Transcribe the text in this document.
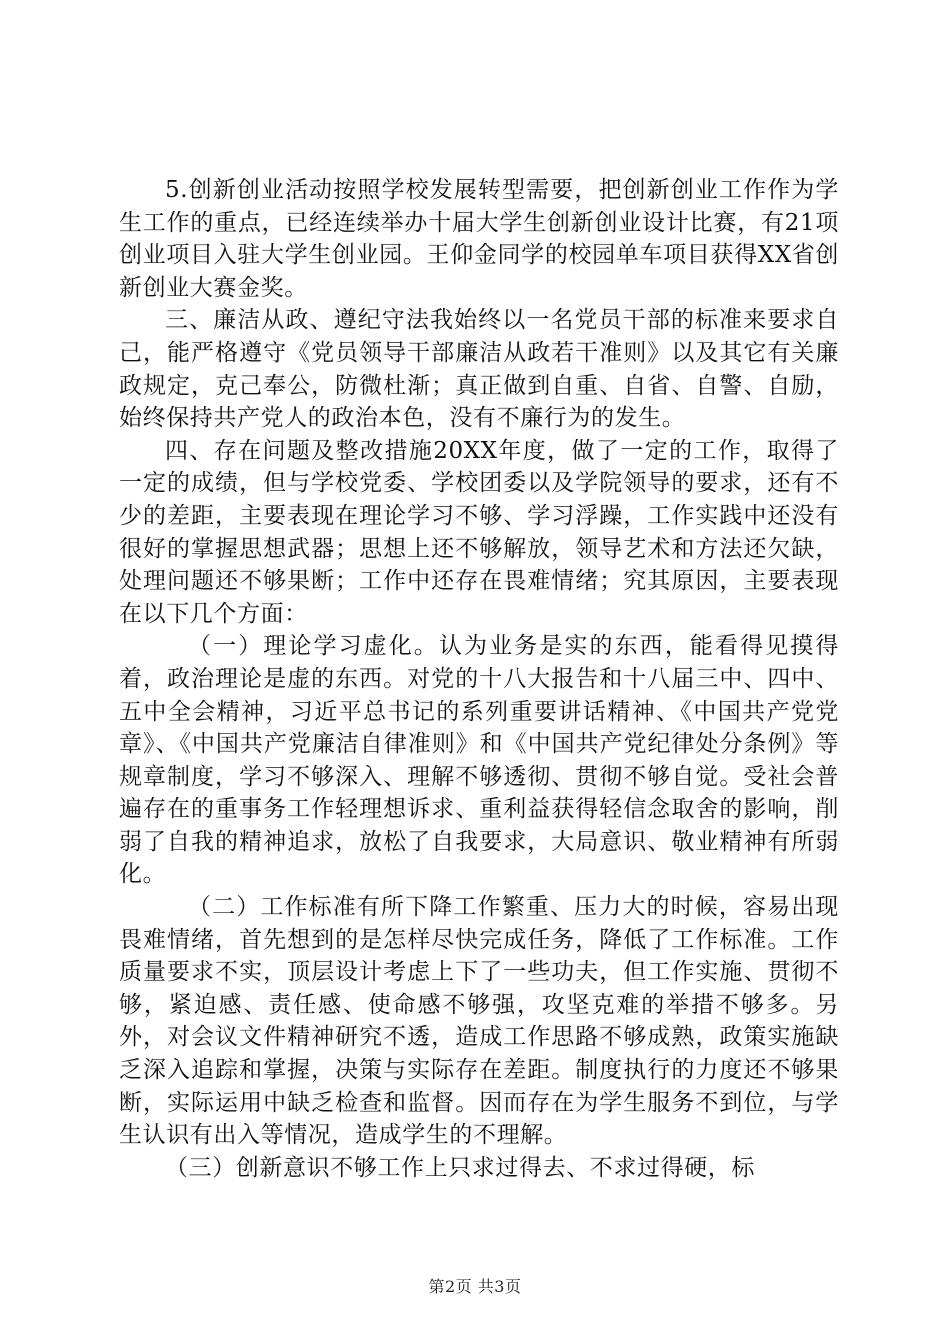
5.创新创业活动按照学校发展转型需要，把创新创业工作作为学生工作的重点，已经连续举办十届大学生创新创业设计比赛，有21项创业项目入驻大学生创业园。王仰金同学的校园单车项目获得XX省创新创业大赛金奖。

三、廉洁从政、遵纪守法我始终以一名党员干部的标准来要求自己，能严格遵守《党员领导干部廉洁从政若干准则》以及其它有关廉政规定，克己奉公，防微杜渐；真正做到自重、自省、自警、自励，始终保持共产党人的政治本色，没有不廉行为的发生。

四、存在问题及整改措施20XX年度，做了一定的工作，取得了一定的成绩，但与学校党委、学校团委以及学院领导的要求，还有不少的差距，主要表现在理论学习不够、学习浮躁，工作实践中还没有很好的掌握思想武器；思想上还不够解放，领导艺术和方法还欠缺，处理问题还不够果断；工作中还存在畏难情绪；究其原因，主要表现在以下几个方面：

（一）理论学习虚化。认为业务是实的东西，能看得见摸得着，政治理论是虚的东西。对党的十八大报告和十八届三中、四中、五中全会精神，习近平总书记的系列重要讲话精神、《中国共产党党章》、《中国共产党廉洁自律准则》和《中国共产党纪律处分条例》等规章制度，学习不够深入、理解不够透彻、贯彻不够自觉。受社会普遍存在的重事务工作轻理想诉求、重利益获得轻信念取舍的影响，削弱了自我的精神追求，放松了自我要求，大局意识、敬业精神有所弱化。

（二）工作标准有所下降工作繁重、压力大的时候，容易出现畏难情绪，首先想到的是怎样尽快完成任务，降低了工作标准。工作质量要求不实，顶层设计考虑上下了一些功夫，但工作实施、贯彻不够，紧迫感、责任感、使命感不够强，攻坚克难的举措不够多。另外，对会议文件精神研究不透，造成工作思路不够成熟，政策实施缺乏深入追踪和掌握，决策与实际存在差距。制度执行的力度还不够果断，实际运用中缺乏检查和监督。因而存在为学生服务不到位，与学生认识有出入等情况，造成学生的不理解。

（三）创新意识不够工作上只求过得去、不求过得硬，标

第2页 共3页
